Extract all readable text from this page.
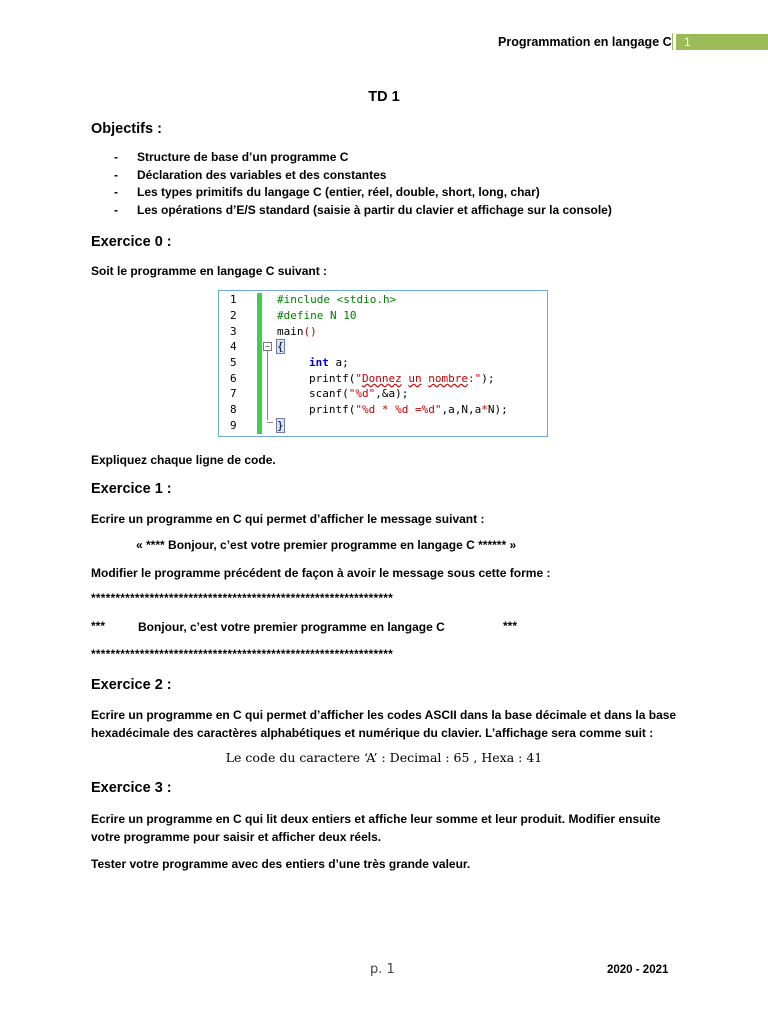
Programmation en langage C	1
TD 1
Objectifs :
- Structure de base d’un programme C
- Déclaration des variables et des constantes
- Les types primitifs du langage C (entier, réel, double, short, long, char)
- Les opérations d’E/S standard (saisie à partir du clavier et affichage sur la console)
Exercice 0 :
Soit le programme en langage C suivant :
1	#include <stdio.h>
2	#define N 10
3	main()
4	− {
5	int a;
6	printf("Donnez un nombre:");
7	scanf("%d",&a);
8	printf("%d * %d =%d",a,N,a*N);
9	}
Expliquez chaque ligne de code.
Exercice 1 :
Ecrire un programme en C qui permet d’afficher le message suivant :
« **** Bonjour, c’est votre premier programme en langage C ****** »
Modifier le programme précédent de façon à avoir le message sous cette forme :
**************************************************************
***	Bonjour, c’est votre premier programme en langage C	***
**************************************************************
Exercice 2 :
Ecrire un programme en C qui permet d’afficher les codes ASCII dans la base décimale et dans la base
hexadécimale des caractères alphabétiques et numérique du clavier. L’affichage sera comme suit :
Le code du caractere ‘A’ : Decimal : 65 , Hexa : 41
Exercice 3 :
Ecrire un programme en C qui lit deux entiers et affiche leur somme et leur produit. Modifier ensuite
votre programme pour saisir et afficher deux réels.
Tester votre programme avec des entiers d’une très grande valeur.
p. 1	2020 - 2021
